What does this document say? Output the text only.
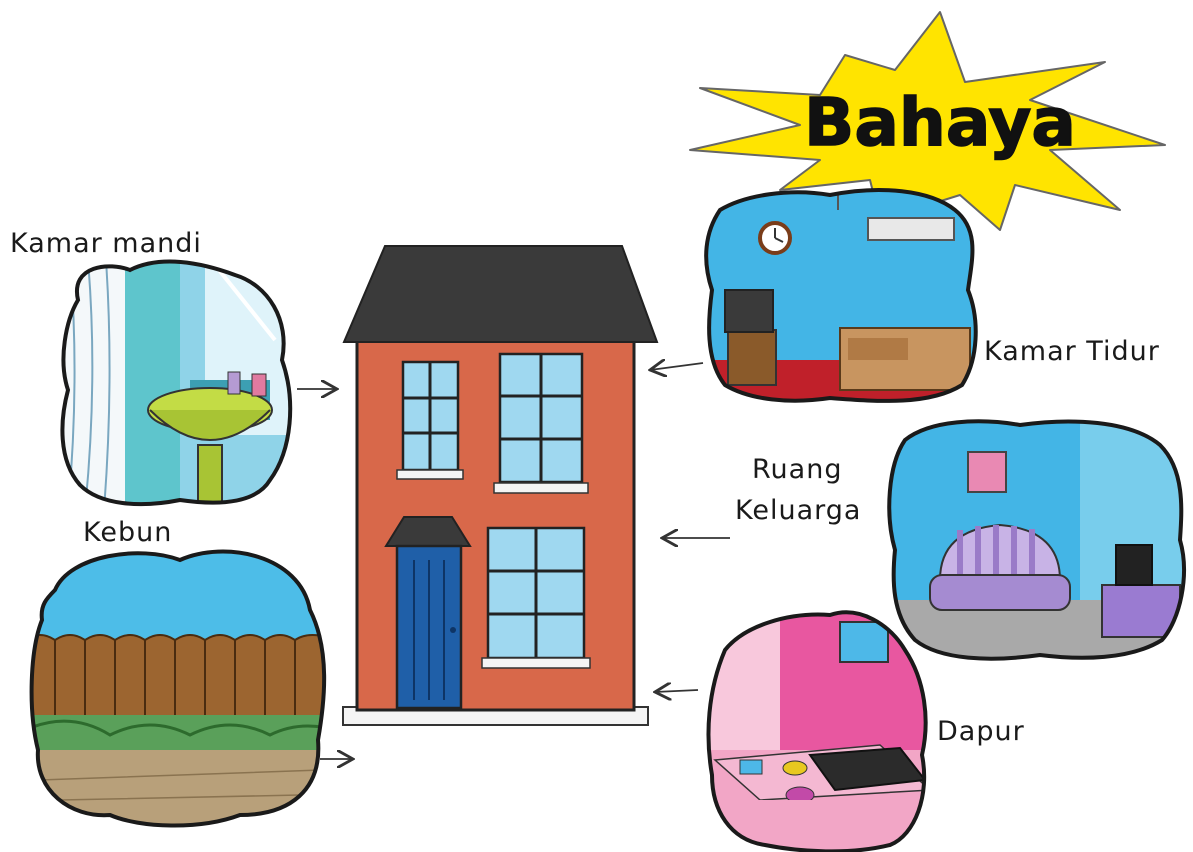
Bahaya
Kamar mandi
Kebun
Kamar Tidur
Ruang
Keluarga
Dapur
